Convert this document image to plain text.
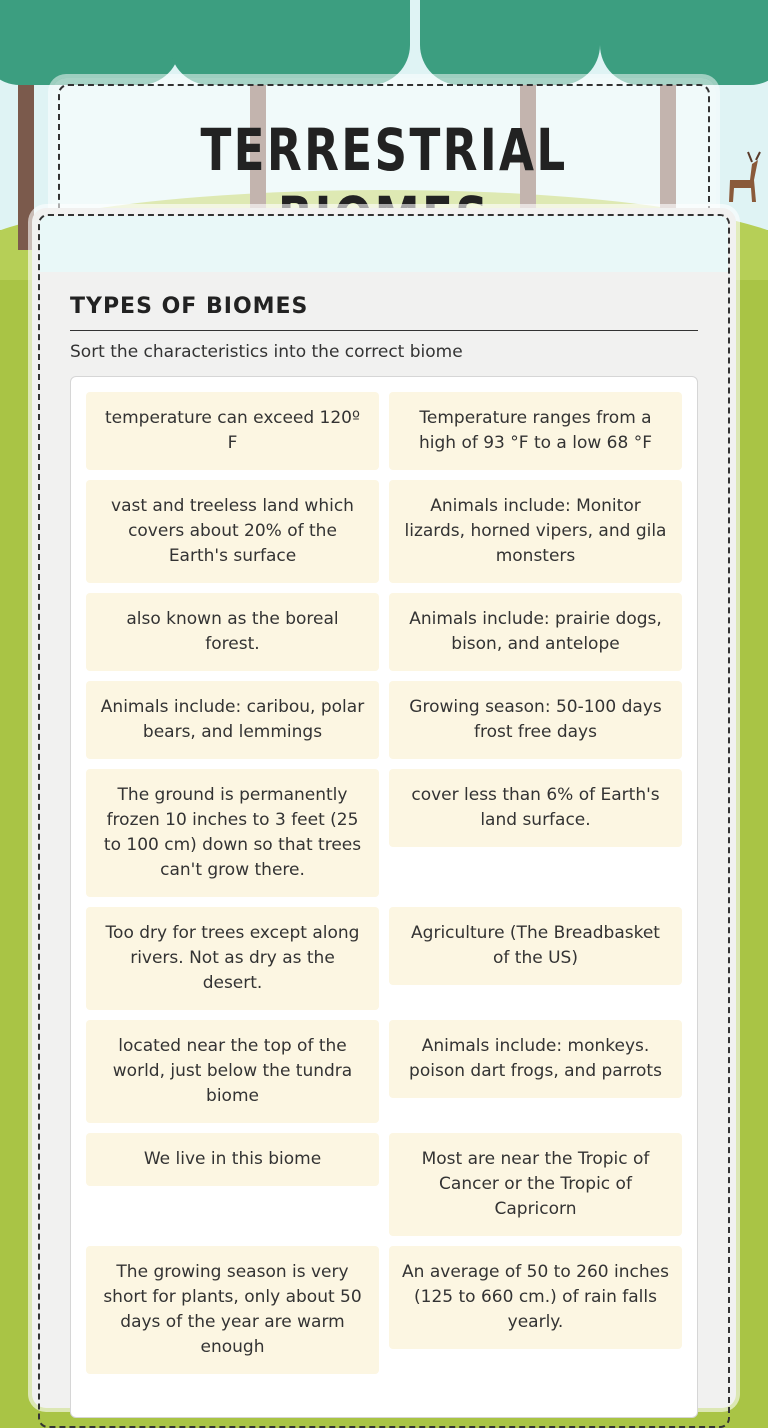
TERRESTRIAL
TYPES OF BIOMES
Sort the characteristics into the correct biome
temperature can exceed 120º F
Temperature ranges from a high of 93 °F to a low 68 °F
vast and treeless land which covers about 20% of the Earth's surface
Animals include: Monitor lizards, horned vipers, and gila monsters
also known as the boreal forest.
Animals include: prairie dogs, bison, and antelope
Animals include: caribou, polar bears, and lemmings
Growing season: 50-100 days frost free days
The ground is permanently frozen 10 inches to 3 feet (25 to 100 cm) down so that trees can't grow there.
cover less than 6% of Earth's land surface.
Too dry for trees except along rivers. Not as dry as the desert.
Agriculture (The Breadbasket of the US)
located near the top of the world, just below the tundra biome
Animals include: monkeys. poison dart frogs, and parrots
We live in this biome	Most are near the Tropic of Cancer or the Tropic of Capricorn
The growing season is very short for plants, only about 50 days of the year are warm enough
An average of 50 to 260 inches (125 to 660 cm.) of rain falls yearly.
